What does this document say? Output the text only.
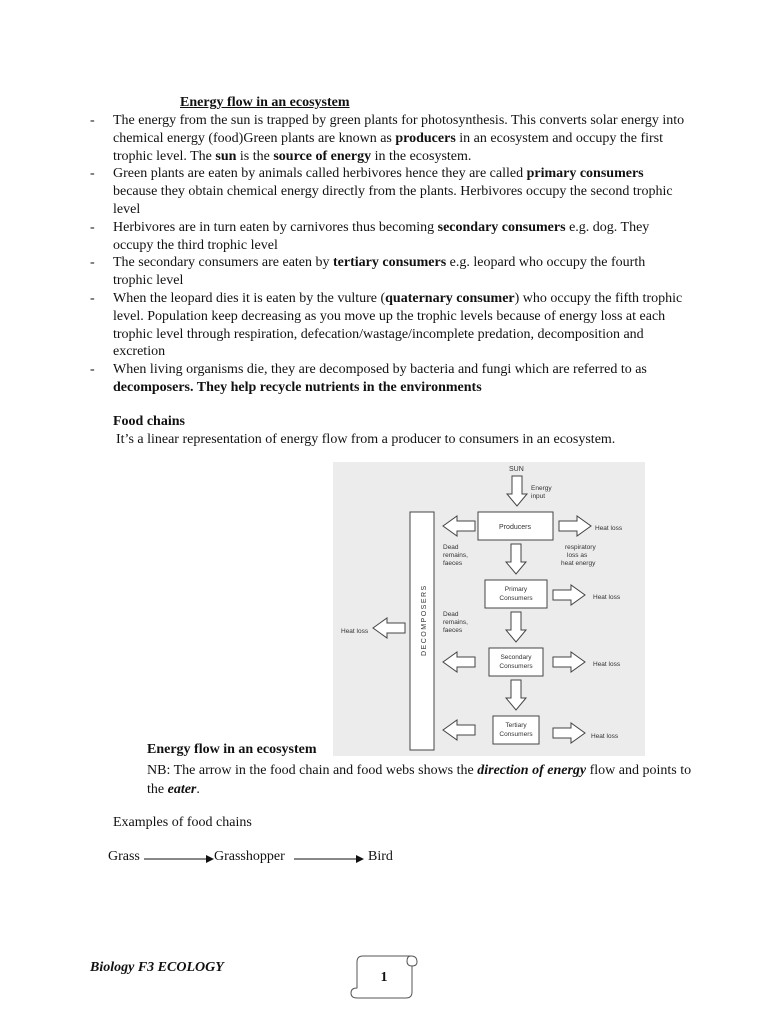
Energy flow in an ecosystem
- The energy from the sun is trapped by green plants for photosynthesis. This converts solar energy into chemical energy (food)Green plants are known as producers in an ecosystem and occupy the first trophic level. The sun is the source of energy in the ecosystem.
- Green plants are eaten by animals called herbivores hence they are called primary consumers because they obtain chemical energy directly from the plants. Herbivores occupy the second trophic level
- Herbivores are in turn eaten by carnivores thus becoming secondary consumers e.g. dog. They occupy the third trophic level
- The secondary consumers are eaten by tertiary consumers e.g. leopard who occupy the fourth trophic level
- When the leopard dies it is eaten by the vulture (quaternary consumer) who occupy the fifth trophic level. Population keep decreasing as you move up the trophic levels because of energy loss at each trophic level through respiration, defecation/wastage/incomplete predation, decomposition and excretion
- When living organisms die, they are decomposed by bacteria and fungi which are referred to as decomposers. They help recycle nutrients in the environments
Food chains
It’s a linear representation of energy flow from a producer to consumers in an ecosystem.
SUN
Energy
input
Producers	Heat loss
Dead
remains,
faeces
respiratory
loss as
heat energy
Primary
Consumers	Heat loss
Dead
remains,
faeces
Secondary
Consumers	Heat loss
Tertiary
Consumers	Heat loss
DECOMPOSERS
Heat loss
Energy flow in an ecosystem
NB: The arrow in the food chain and food webs shows the direction of energy flow and points to the eater.
Examples of food chains
Grass	Grasshopper	Bird
Biology F3 ECOLOGY
1
